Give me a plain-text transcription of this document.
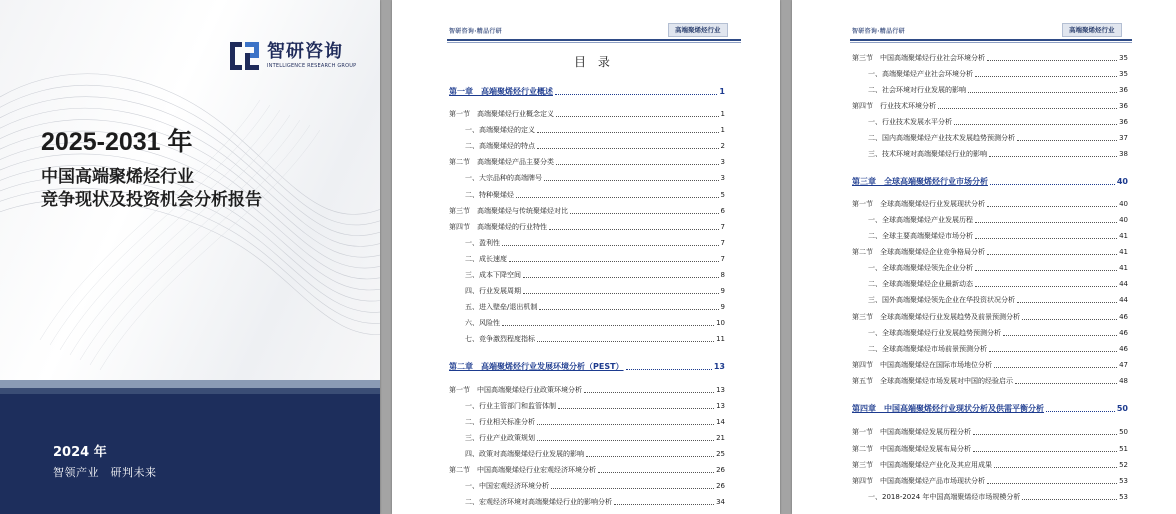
智研咨询
INTELLIGENCE RESEARCH GROUP
2025-2031 年
中国高端聚烯烃行业
竞争现状及投资机会分析报告
2024 年
智领产业　研判未来
智研咨询·精品行研	高端聚烯烃行业
目 录
第一章　高端聚烯烃行业概述	1
第一节　高端聚烯烃行业概念定义	1
一、高端聚烯烃的定义	1
二、高端聚烯烃的特点	2
第二节　高端聚烯烃产品主要分类	3
一、大宗品种的高端牌号	3
二、特种聚烯烃	5
第三节　高端聚烯烃与传统聚烯烃对比	6
第四节　高端聚烯烃的行业特性	7
一、盈利性	7
二、成长速度	7
三、成本下降空间	8
四、行业发展周期	9
五、进入壁垒/退出机制	9
六、风险性	10
七、竞争激烈程度指标	11
第二章　高端聚烯烃行业发展环境分析（PEST）	13
第一节　中国高端聚烯烃行业政策环境分析	13
一、行业主管部门和监管体制	13
二、行业相关标准分析	14
三、行业产业政策规划	21
四、政策对高端聚烯烃行业发展的影响	25
第二节　中国高端聚烯烃行业宏观经济环境分析	26
一、中国宏观经济环境分析	26
二、宏观经济环境对高端聚烯烃行业的影响分析	34
智研咨询·精品行研	高端聚烯烃行业
第三节　中国高端聚烯烃行业社会环境分析	35
一、高端聚烯烃产业社会环境分析	35
二、社会环境对行业发展的影响	36
第四节　行业技术环境分析	36
一、行业技术发展水平分析	36
二、国内高端聚烯烃产业技术发展趋势预测分析	37
三、技术环境对高端聚烯烃行业的影响	38
第三章　全球高端聚烯烃行业市场分析	40
第一节　全球高端聚烯烃行业发展现状分析	40
一、全球高端聚烯烃产业发展历程	40
二、全球主要高端聚烯烃市场分析	41
第二节　全球高端聚烯烃企业竞争格局分析	41
一、全球高端聚烯烃领先企业分析	41
二、全球高端聚烯烃企业最新动态	44
三、国外高端聚烯烃领先企业在华投资状况分析	44
第三节　全球高端聚烯烃行业发展趋势及前景预测分析	46
一、全球高端聚烯烃行业发展趋势预测分析	46
二、全球高端聚烯烃市场前景预测分析	46
第四节　中国高端聚烯烃在国际市场地位分析	47
第五节　全球高端聚烯烃市场发展对中国的经验启示	48
第四章　中国高端聚烯烃行业现状分析及供需平衡分析	50
第一节　中国高端聚烯烃发展历程分析	50
第二节　中国高端聚烯烃发展布局分析	51
第三节　中国高端聚烯烃产业化及其应用成果	52
第四节　中国高端聚烯烃产品市场现状分析	53
一、2018-2024 年中国高端聚烯烃市场规模分析	53
